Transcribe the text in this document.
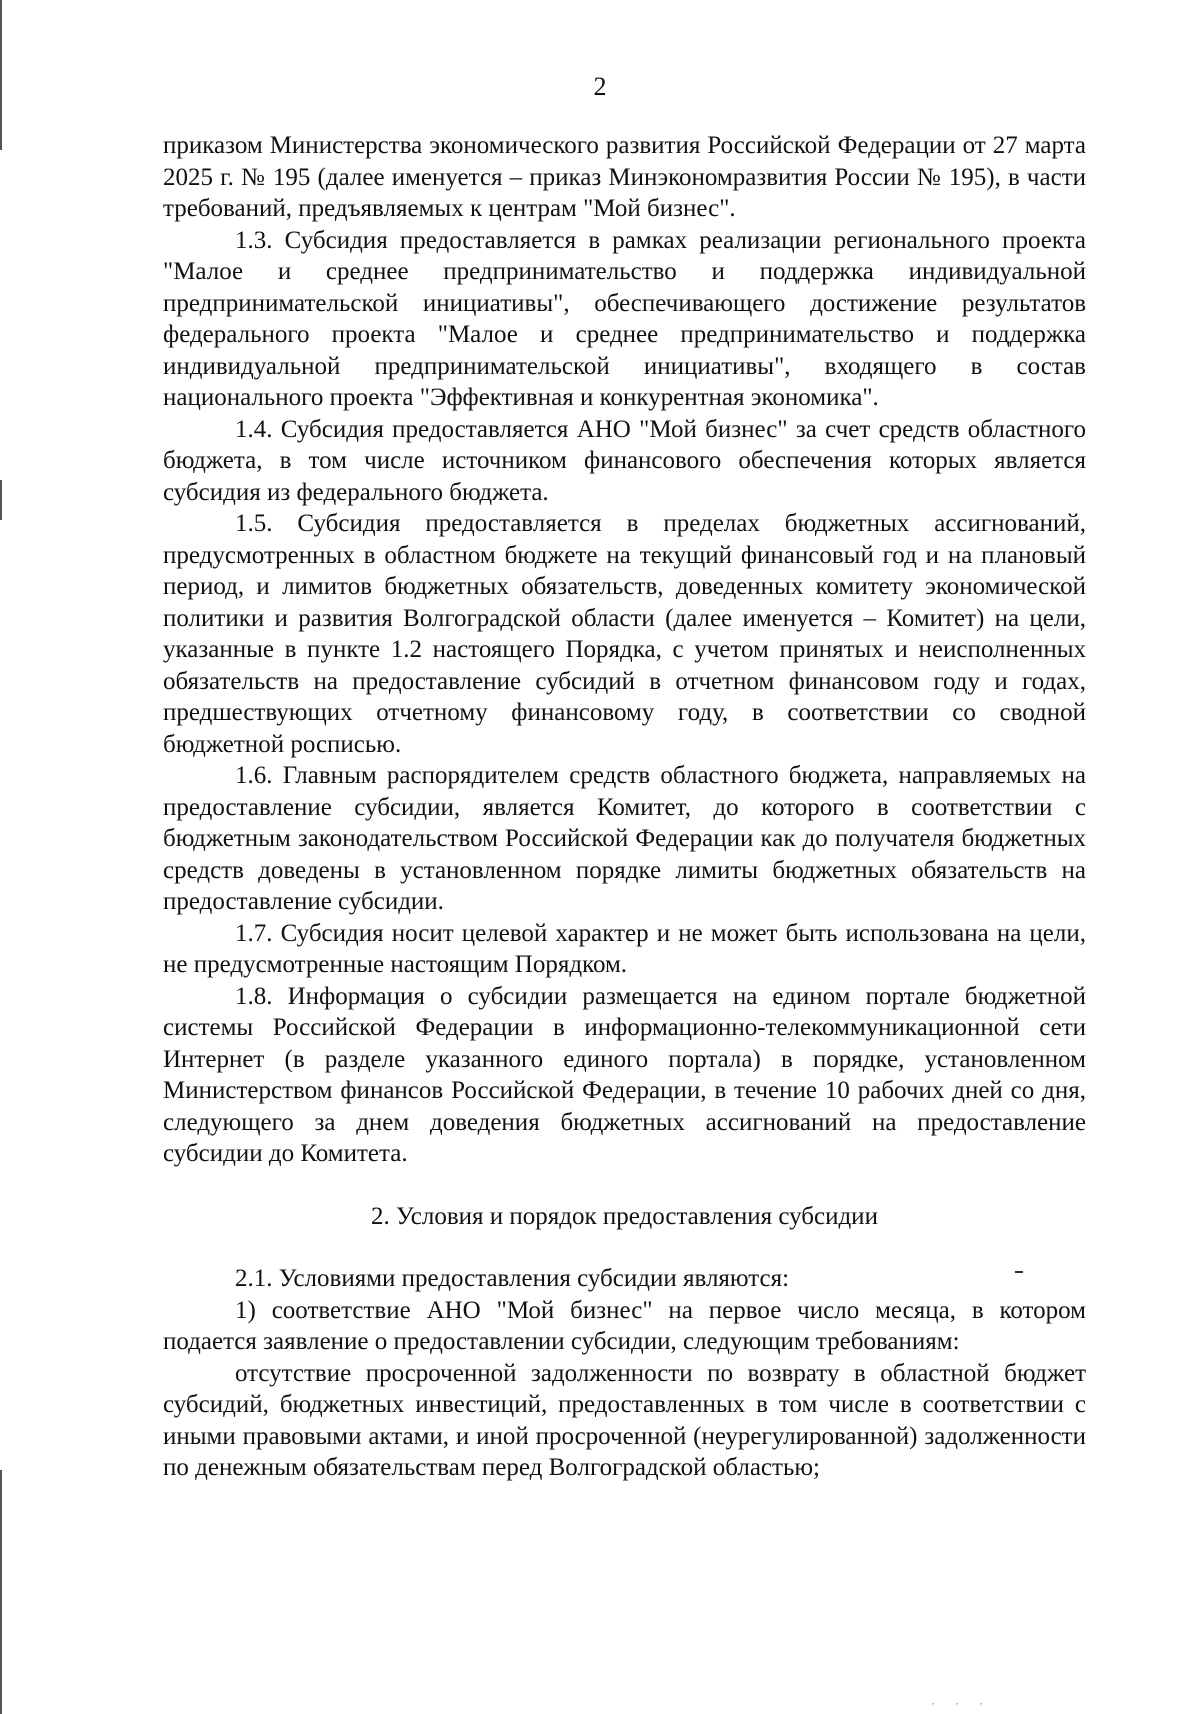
2

приказом Министерства экономического развития Российской Федерации от 27 марта 2025 г. № 195 (далее именуется – приказ Минэкономразвития России № 195), в части требований, предъявляемых к центрам "Мой бизнес".

1.3. Субсидия предоставляется в рамках реализации регионального проекта "Малое и среднее предпринимательство и поддержка индивидуальной предпринимательской инициативы", обеспечивающего достижение результатов федерального проекта "Малое и среднее предпринимательство и поддержка индивидуальной предпринимательской инициативы", входящего в состав национального проекта "Эффективная и конкурентная экономика".

1.4. Субсидия предоставляется АНО "Мой бизнес" за счет средств областного бюджета, в том числе источником финансового обеспечения которых является субсидия из федерального бюджета.

1.5. Субсидия предоставляется в пределах бюджетных ассигнований, предусмотренных в областном бюджете на текущий финансовый год и на плановый период, и лимитов бюджетных обязательств, доведенных комитету экономической политики и развития Волгоградской области (далее именуется – Комитет) на цели, указанные в пункте 1.2 настоящего Порядка, с учетом принятых и неисполненных обязательств на предоставление субсидий в отчетном финансовом году и годах, предшествующих отчетному финансовому году, в соответствии со сводной бюджетной росписью.

1.6. Главным распорядителем средств областного бюджета, направляемых на предоставление субсидии, является Комитет, до которого в соответствии с бюджетным законодательством Российской Федерации как до получателя бюджетных средств доведены в установленном порядке лимиты бюджетных обязательств на предоставление субсидии.

1.7. Субсидия носит целевой характер и не может быть использована на цели, не предусмотренные настоящим Порядком.

1.8. Информация о субсидии размещается на едином портале бюджетной системы Российской Федерации в информационно-телекоммуникационной сети Интернет (в разделе указанного единого портала) в порядке, установленном Министерством финансов Российской Федерации, в течение 10 рабочих дней со дня, следующего за днем доведения бюджетных ассигнований на предоставление субсидии до Комитета.

2. Условия и порядок предоставления субсидии

2.1. Условиями предоставления субсидии являются:

1) соответствие АНО "Мой бизнес" на первое число месяца, в котором подается заявление о предоставлении субсидии, следующим требованиям:

отсутствие просроченной задолженности по возврату в областной бюджет субсидий, бюджетных инвестиций, предоставленных в том числе в соответствии с иными правовыми актами, и иной просроченной (неурегулированной) задолженности по денежным обязательствам перед Волгоградской областью;

· · ·
